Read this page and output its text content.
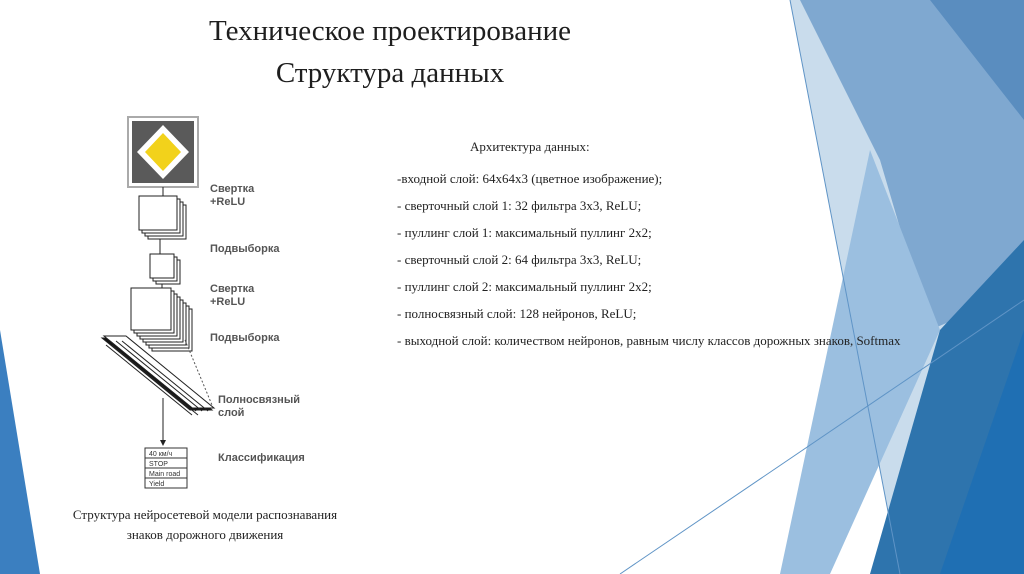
Техническое проектирование
Структура данных
40 км/ч
STOP
Main road
Yield
Свертка
+ReLU
Подвыборка
Свертка
+ReLU
Подвыборка
Полносвязный
слой
Классификация
Архитектура данных:
-входной слой: 64x64x3 (цветное изображение);
- сверточный слой 1: 32 фильтра 3x3, ReLU;
- пуллинг слой 1: максимальный пуллинг 2x2;
- сверточный слой 2: 64 фильтра 3x3, ReLU;
- пуллинг слой 2: максимальный пуллинг 2x2;
- полносвязный слой: 128 нейронов, ReLU;
- выходной слой: количеством нейронов, равным числу классов дорожных знаков, Softmax
Структура нейросетевой модели распознавания
знаков дорожного движения
